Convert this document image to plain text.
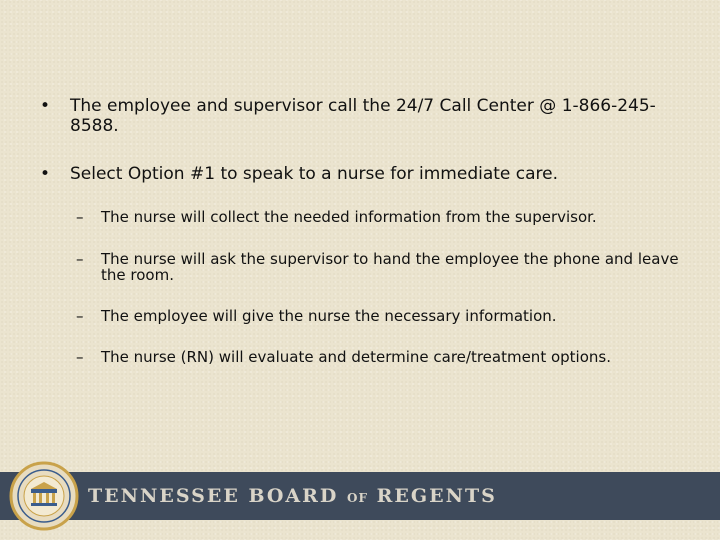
•	The employee and supervisor call the 24/7 Call Center @ 1-866-245-8588.
•	Select Option #1 to speak to a nurse for immediate care.
–	The nurse will collect the needed information from the supervisor.
–	The nurse will ask the supervisor to hand the employee the phone and leave the room.
–	The employee will give the nurse the necessary information.
–	The nurse (RN) will evaluate and determine care/treatment options.
TENNESSEE BOARD OF REGENTS
